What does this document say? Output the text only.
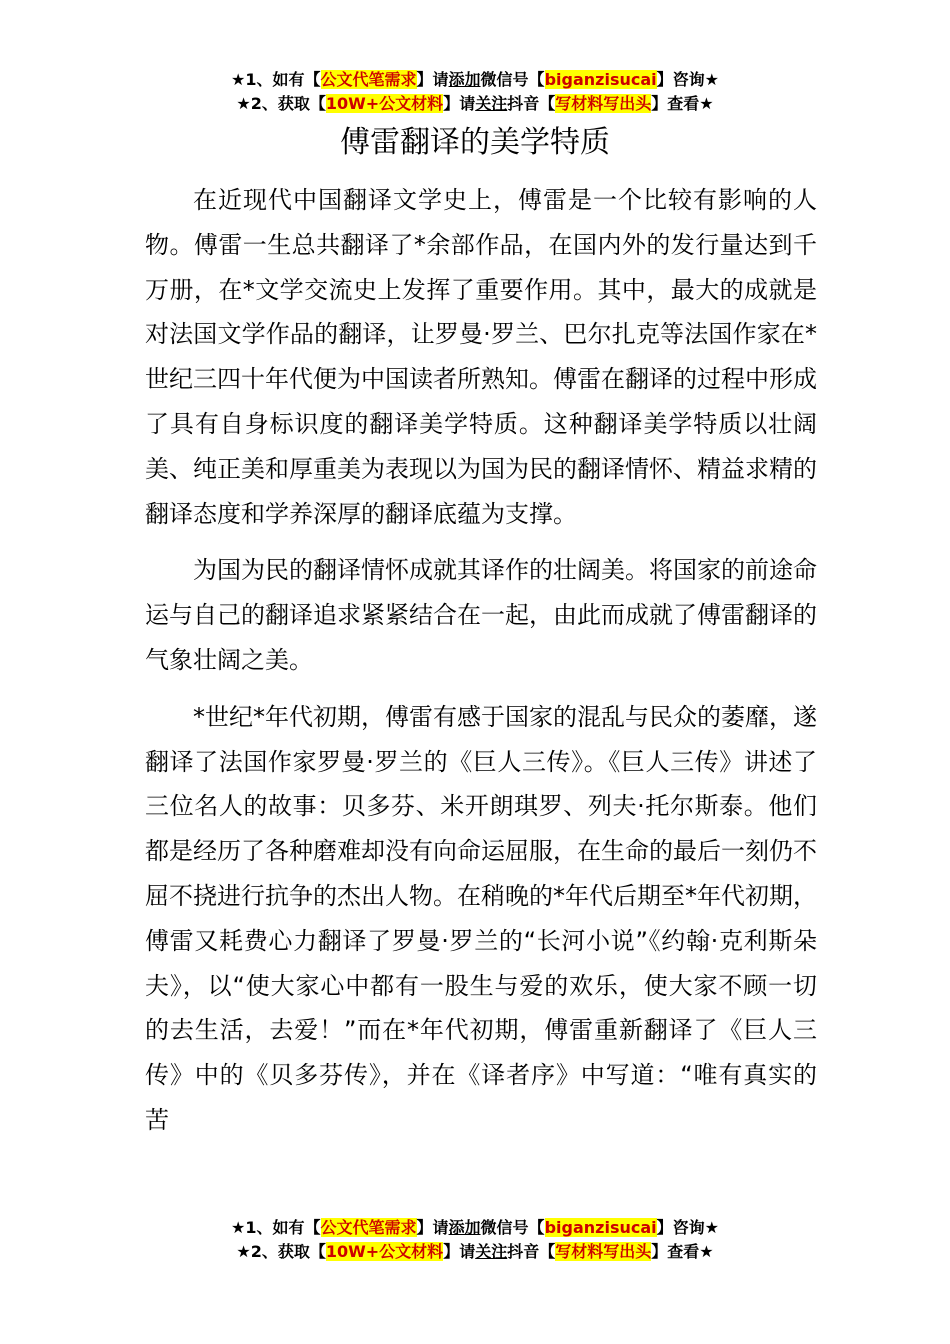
★1、如有【公文代笔需求】请添加微信号【biganzisucai】咨询★
★2、获取【10W+公文材料】请关注抖音【写材料写出头】查看★
傅雷翻译的美学特质

在近现代中国翻译文学史上，傅雷是一个比较有影响的人物。傅雷一生总共翻译了*余部作品，在国内外的发行量达到千万册，在*文学交流史上发挥了重要作用。其中，最大的成就是对法国文学作品的翻译，让罗曼·罗兰、巴尔扎克等法国作家在*世纪三四十年代便为中国读者所熟知。傅雷在翻译的过程中形成了具有自身标识度的翻译美学特质。这种翻译美学特质以壮阔美、纯正美和厚重美为表现以为国为民的翻译情怀、精益求精的翻译态度和学养深厚的翻译底蕴为支撑。

为国为民的翻译情怀成就其译作的壮阔美。将国家的前途命运与自己的翻译追求紧紧结合在一起，由此而成就了傅雷翻译的气象壮阔之美。

*世纪*年代初期，傅雷有感于国家的混乱与民众的萎靡，遂翻译了法国作家罗曼·罗兰的《巨人三传》。《巨人三传》讲述了三位名人的故事：贝多芬、米开朗琪罗、列夫·托尔斯泰。他们都是经历了各种磨难却没有向命运屈服，在生命的最后一刻仍不屈不挠进行抗争的杰出人物。在稍晚的*年代后期至*年代初期，傅雷又耗费心力翻译了罗曼·罗兰的“长河小说”《约翰·克利斯朵夫》，以“使大家心中都有一股生与爱的欢乐，使大家不顾一切的去生活，去爱！”而在*年代初期，傅雷重新翻译了《巨人三传》中的《贝多芬传》，并在《译者序》中写道：“唯有真实的苦

★1、如有【公文代笔需求】请添加微信号【biganzisucai】咨询★
★2、获取【10W+公文材料】请关注抖音【写材料写出头】查看★
